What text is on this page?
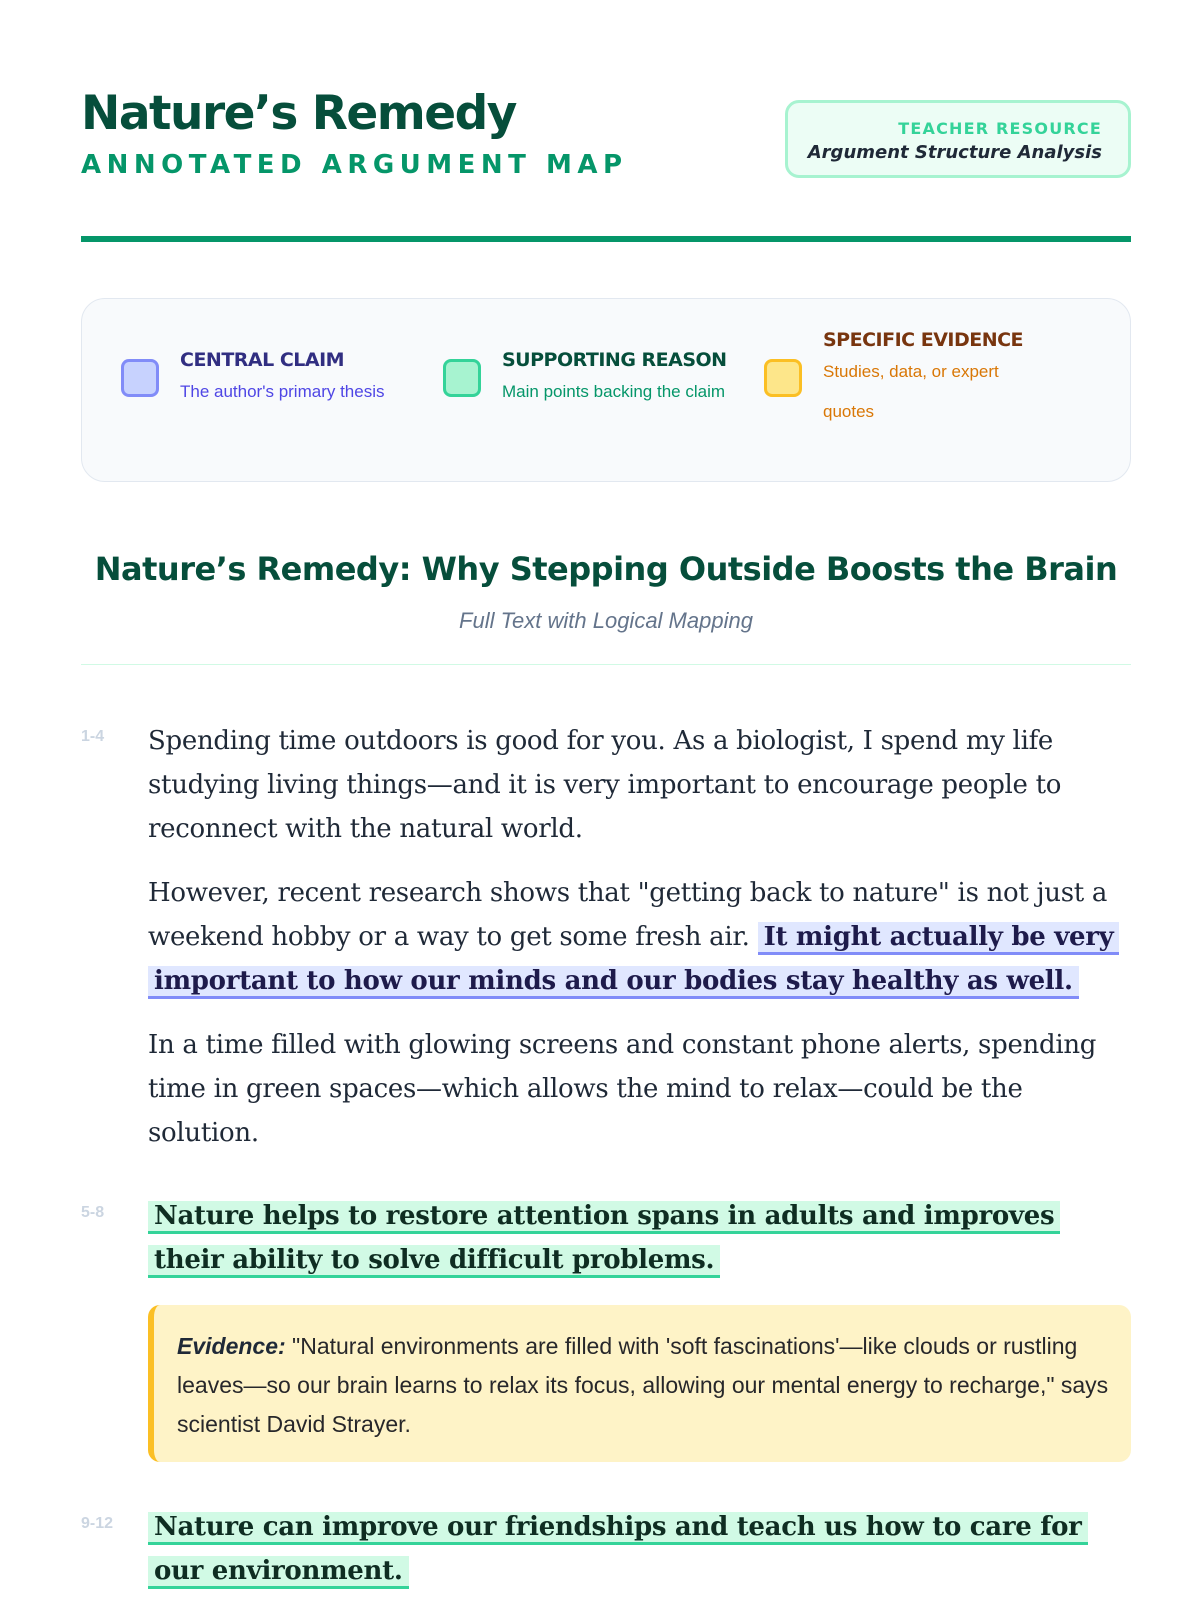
Nature’s Remedy
ANNOTATED ARGUMENT MAP
TEACHER RESOURCE
Argument Structure Analysis
CENTRAL CLAIM
The author's primary thesis
SUPPORTING REASON
Main points backing the claim
SPECIFIC EVIDENCE
Studies, data, or expert
quotes
Nature’s Remedy: Why Stepping Outside Boosts the Brain
Full Text with Logical Mapping
1-4 Spending time outdoors is good for you. As a biologist, I spend my life studying living things—and it is very important to encourage people to reconnect with the natural world.
However, recent research shows that "getting back to nature" is not just a weekend hobby or a way to get some fresh air. It might actually be very important to how our minds and our bodies stay healthy as well.
In a time filled with glowing screens and constant phone alerts, spending time in green spaces—which allows the mind to relax—could be the solution.
5-8 Nature helps to restore attention spans in adults and improves their ability to solve difficult problems.
Evidence: "Natural environments are filled with 'soft fascinations'—like clouds or rustling leaves—so our brain learns to relax its focus, allowing our mental energy to recharge," says scientist David Strayer.
9-12 Nature can improve our friendships and teach us how to care for our environment.
